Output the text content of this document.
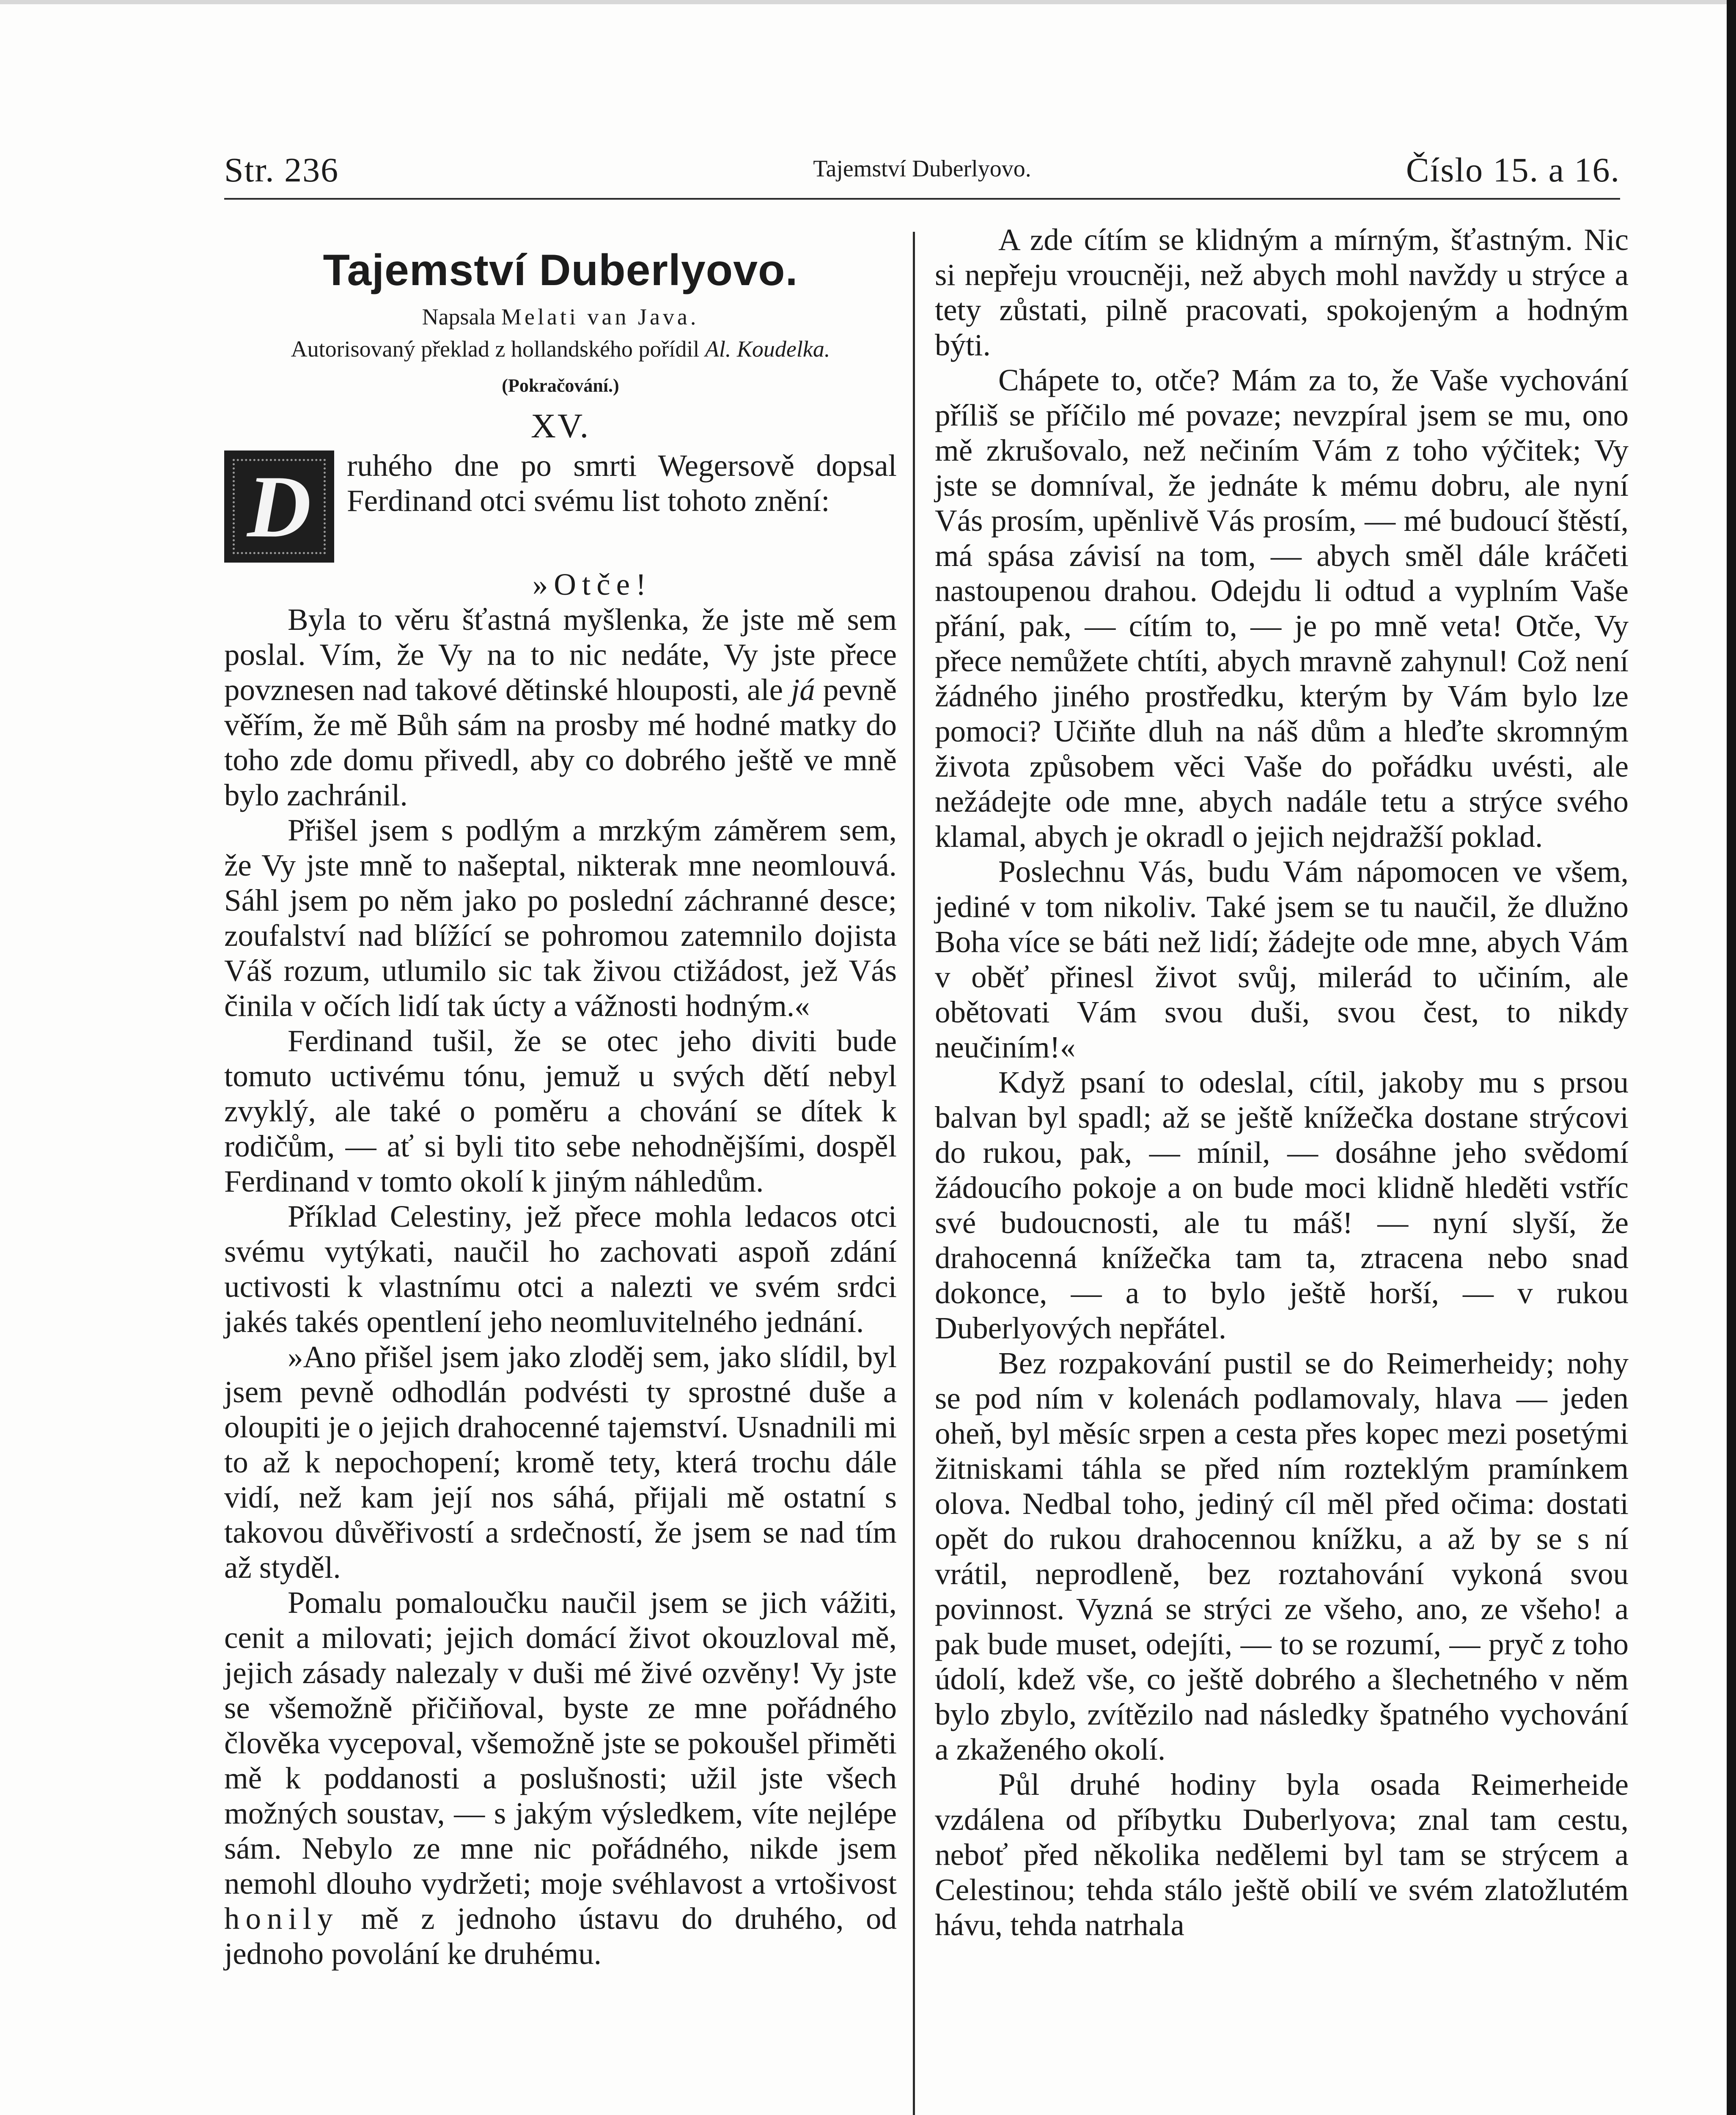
Str. 236	Tajemství Duberlyovo.	Číslo 15. a 16.
Tajemství Duberlyovo.

Napsala Melati van Java.

Autorisovaný překlad z hollandského pořídil Al. Koudelka.

(Pokračování.)
XV.

D ruhého dne po smrti Wegersově dopsal Ferdinand otci svému list tohoto znění:

»Otče!

Byla to věru šťastná myšlenka, že jste mě sem poslal. Vím, že Vy na to nic nedáte, Vy jste přece povznesen nad takové dětinské hlouposti, ale já pevně věřím, že mě Bůh sám na prosby mé hodné matky do toho zde domu přivedl, aby co dobrého ještě ve mně bylo zachránil.

Přišel jsem s podlým a mrzkým záměrem sem, že Vy jste mně to našeptal, nikterak mne neomlouvá. Sáhl jsem po něm jako po poslední záchranné desce; zoufalství nad blížící se pohromou zatemnilo dojista Váš rozum, utlumilo sic tak živou ctižádost, jež Vás činila v očích lidí tak úcty a vážnosti hodným.«

Ferdinand tušil, že se otec jeho diviti bude tomuto uctivému tónu, jemuž u svých dětí nebyl zvyklý, ale také o poměru a chování se dítek k rodičům, — ať si byli tito sebe nehodnějšími, dospěl Ferdinand v tomto okolí k jiným náhledům.

Příklad Celestiny, jež přece mohla ledacos otci svému vytýkati, naučil ho zachovati aspoň zdání uctivosti k vlastnímu otci a nalezti ve svém srdci jakés takés opentlení jeho neomluvitelného jednání.

»Ano přišel jsem jako zloděj sem, jako slídil, byl jsem pevně odhodlán podvésti ty sprostné duše a oloupiti je o jejich drahocenné tajemství. Usnadnili mi to až k nepochopení; kromě tety, která trochu dále vidí, než kam její nos sáhá, přijali mě ostatní s takovou důvěřivostí a srdečností, že jsem se nad tím až styděl.

Pomalu pomaloučku naučil jsem se jich vážiti, cenit a milovati; jejich domácí život okouzloval mě, jejich zásady nalezaly v duši mé živé ozvěny! Vy jste se všemožně přičiňoval, byste ze mne pořádného člověka vycepoval, všemožně jste se pokoušel přiměti mě k poddanosti a poslušnosti; užil jste všech možných soustav, — s jakým výsledkem, víte nejlépe sám. Nebylo ze mne nic pořádného, nikde jsem nemohl dlouho vydržeti; moje svéhlavost a vrtošivost honily mě z jednoho ústavu do druhého, od jednoho povolání ke druhému.

A zde cítím se klidným a mírným, šťastným. Nic si nepřeju vroucněji, než abych mohl navždy u strýce a tety zůstati, pilně pracovati, spokojeným a hodným býti.

Chápete to, otče? Mám za to, že Vaše vychování příliš se příčilo mé povaze; nevzpíral jsem se mu, ono mě zkrušovalo, než nečiním Vám z toho výčitek; Vy jste se domníval, že jednáte k mému dobru, ale nyní Vás prosím, upěnlivě Vás prosím, — mé budoucí štěstí, má spása závisí na tom, — abych směl dále kráčeti nastoupenou drahou. Odejdu li odtud a vyplním Vaše přání, pak, — cítím to, — je po mně veta! Otče, Vy přece nemůžete chtíti, abych mravně zahynul! Což není žádného jiného prostředku, kterým by Vám bylo lze pomoci? Učiňte dluh na náš dům a hleďte skromným života způsobem věci Vaše do pořádku uvésti, ale nežádejte ode mne, abych nadále tetu a strýce svého klamal, abych je okradl o jejich nejdražší poklad.

Poslechnu Vás, budu Vám nápomocen ve všem, jediné v tom nikoliv. Také jsem se tu naučil, že dlužno Boha více se báti než lidí; žádejte ode mne, abych Vám v oběť přinesl život svůj, milerád to učiním, ale obětovati Vám svou duši, svou čest, to nikdy neučiním!«

Když psaní to odeslal, cítil, jakoby mu s prsou balvan byl spadl; až se ještě knížečka dostane strýcovi do rukou, pak, — mínil, — dosáhne jeho svědomí žádoucího pokoje a on bude moci klidně hleděti vstříc své budoucnosti, ale tu máš! — nyní slyší, že drahocenná knížečka tam ta, ztracena nebo snad dokonce, — a to bylo ještě horší, — v rukou Duberlyových nepřátel.

Bez rozpakování pustil se do Reimerheidy; nohy se pod ním v kolenách podlamovaly, hlava — jeden oheň, byl měsíc srpen a cesta přes kopec mezi posetými žitniskami táhla se před ním rozteklým pramínkem olova. Nedbal toho, jediný cíl měl před očima: dostati opět do rukou drahocennou knížku, a až by se s ní vrátil, neprodleně, bez roztahování vykoná svou povinnost. Vyzná se strýci ze všeho, ano, ze všeho! a pak bude muset, odejíti, — to se rozumí, — pryč z toho údolí, kdež vše, co ještě dobrého a šlechetného v něm bylo zbylo, zvítězilo nad následky špatného vychování a zkaženého okolí.

Půl druhé hodiny byla osada Reimerheide vzdálena od příbytku Duberlyova; znal tam cestu, neboť před několika nedělemi byl tam se strýcem a Celestinou; tehda stálo ještě obilí ve svém zlatožlutém hávu, tehda natrhala
